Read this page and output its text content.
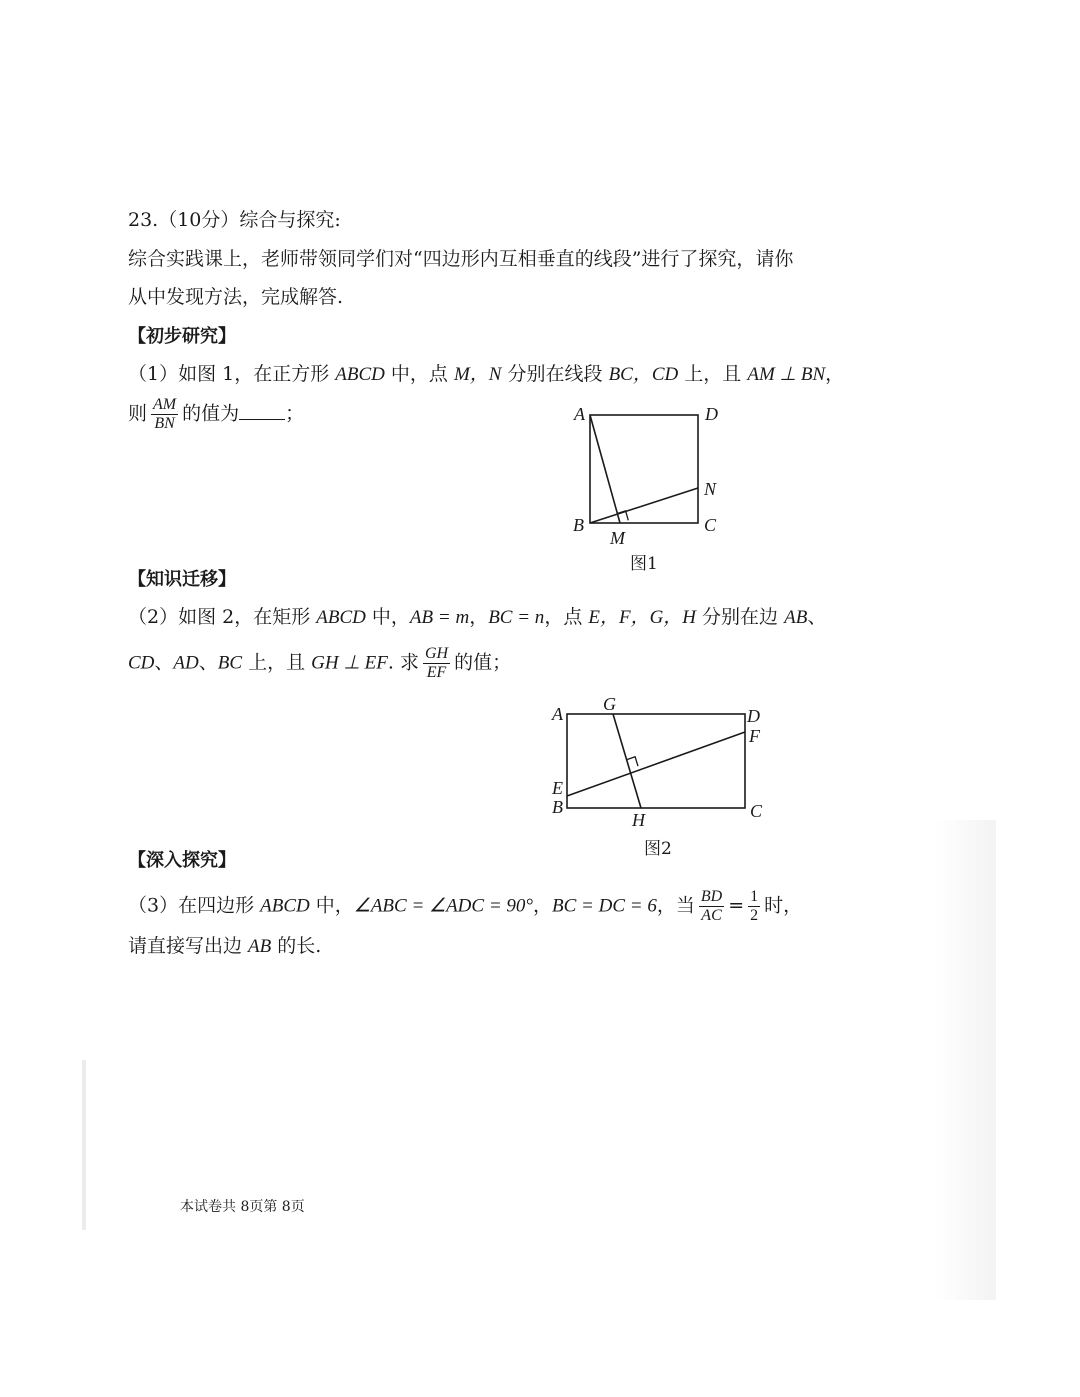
23.（10分）综合与探究:
综合实践课上，老师带领同学们对“四边形内互相垂直的线段”进行了探究，请你
从中发现方法，完成解答.
【初步研究】
（1）如图 1，在正方形 ABCD 中，点 M，N 分别在线段 BC，CD 上，且 AM ⊥ BN，
则 $\frac{AM}{BN}$ 的值为 ；	A	D
B	C
M
N
图1
【知识迁移】
（2）如图 2，在矩形 ABCD 中，AB = m，BC = n，点 E，F，G，H 分别在边 AB、
CD、AD、BC 上，且 GH ⊥ EF. 求 $\frac{GH}{EF}$ 的值；
A G
D
F
E
B
H	C
图2
【深入探究】
（3）在四边形 ABCD 中，∠ABC = ∠ADC = 90°，BC = DC = 6，当 $\frac{BD}{AC} = \frac{1}{2}$ 时，
请直接写出边 AB 的长.
本试卷共 8页第 8页
